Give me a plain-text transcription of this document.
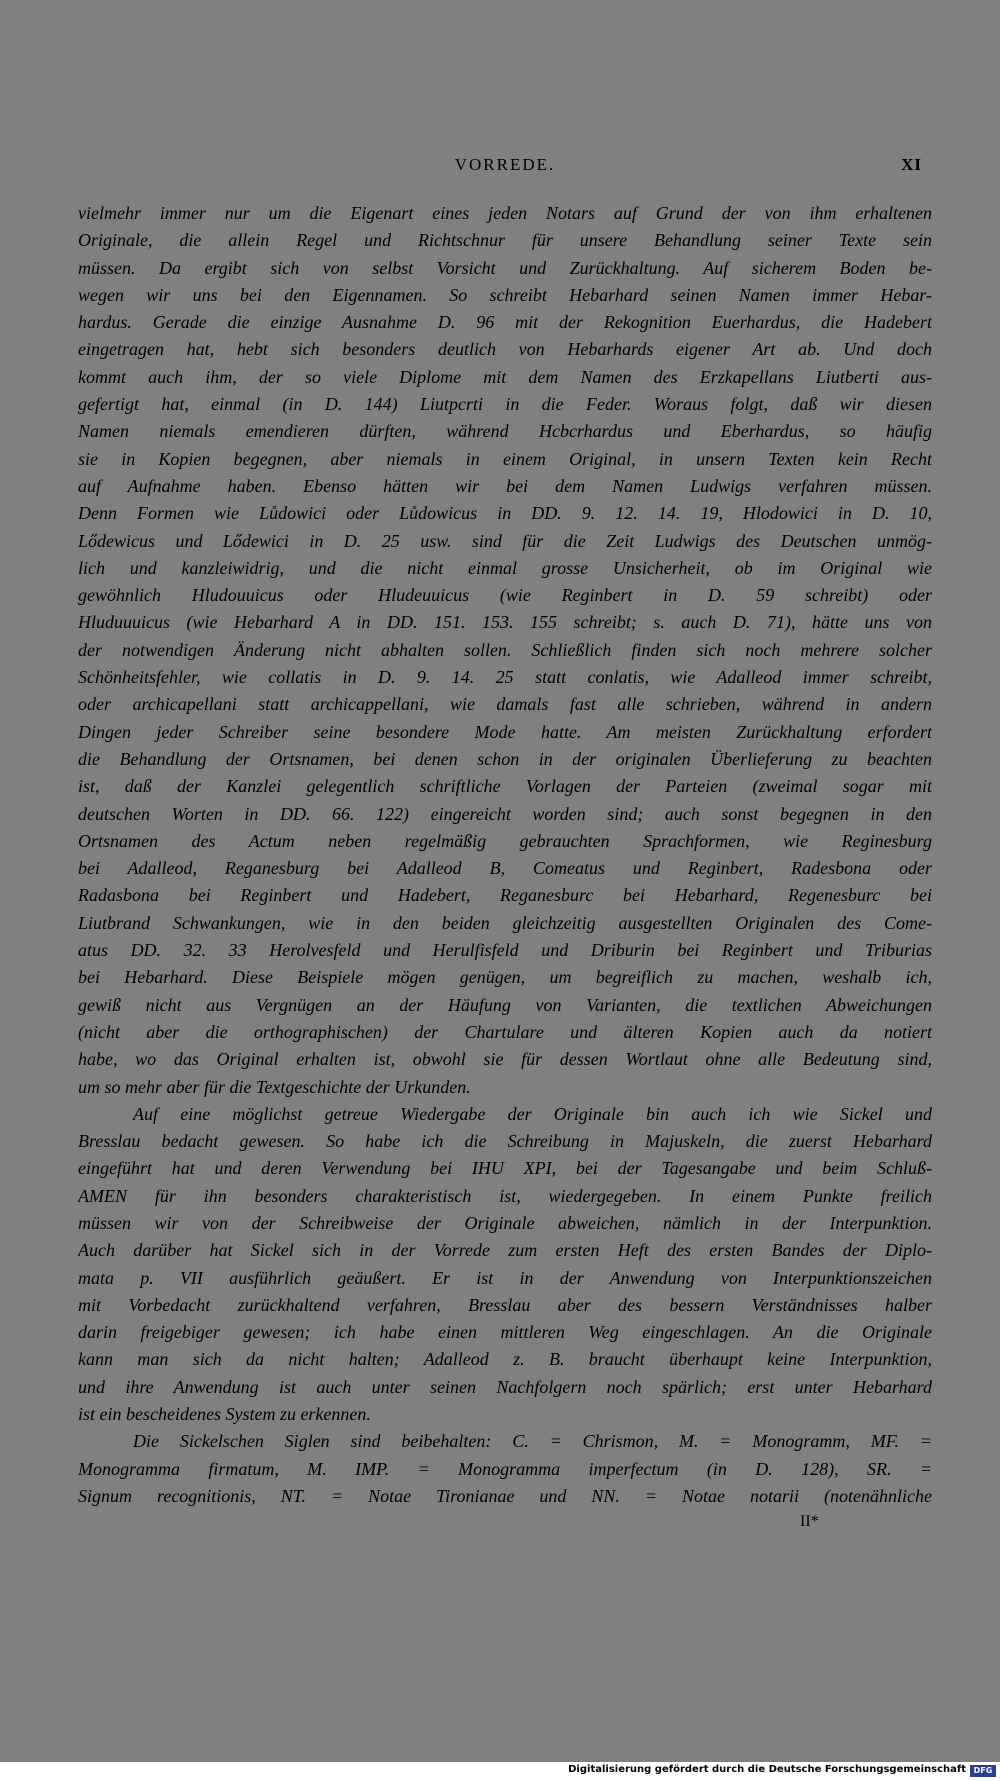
VORREDE.	XI
vielmehr immer nur um die Eigenart eines jeden Notars auf Grund der von ihm erhaltenen
Originale, die allein Regel und Richtschnur für unsere Behandlung seiner Texte sein
müssen. Da ergibt sich von selbst Vorsicht und Zurückhaltung. Auf sicherem Boden be-
wegen wir uns bei den Eigennamen. So schreibt Hebarhard seinen Namen immer Hebar-
hardus. Gerade die einzige Ausnahme D. 96 mit der Rekognition Euerhardus, die Hadebert
eingetragen hat, hebt sich besonders deutlich von Hebarhards eigener Art ab. Und doch
kommt auch ihm, der so viele Diplome mit dem Namen des Erzkapellans Liutberti aus-
gefertigt hat, einmal (in D. 144) Liutpcrti in die Feder. Woraus folgt, daß wir diesen
Namen niemals emendieren dürften, während Hcbcrhardus und Eberhardus, so häufig
sie in Kopien begegnen, aber niemals in einem Original, in unsern Texten kein Recht
auf Aufnahme haben. Ebenso hätten wir bei dem Namen Ludwigs verfahren müssen.
Denn Formen wie Lůdowici oder Lůdowicus in DD. 9. 12. 14. 19, Hlodowici in D. 10,
Lődewicus und Lődewici in D. 25 usw. sind für die Zeit Ludwigs des Deutschen unmög-
lich und kanzleiwidrig, und die nicht einmal grosse Unsicherheit, ob im Original wie
gewöhnlich Hludouuicus oder Hludeuuicus (wie Reginbert in D. 59 schreibt) oder
Hluduuuicus (wie Hebarhard A in DD. 151. 153. 155 schreibt; s. auch D. 71), hätte uns von
der notwendigen Änderung nicht abhalten sollen. Schließlich finden sich noch mehrere solcher
Schönheitsfehler, wie collatis in D. 9. 14. 25 statt conlatis, wie Adalleod immer schreibt,
oder archicapellani statt archicappellani, wie damals fast alle schrieben, während in andern
Dingen jeder Schreiber seine besondere Mode hatte. Am meisten Zurückhaltung erfordert
die Behandlung der Ortsnamen, bei denen schon in der originalen Überlieferung zu beachten
ist, daß der Kanzlei gelegentlich schriftliche Vorlagen der Parteien (zweimal sogar mit
deutschen Worten in DD. 66. 122) eingereicht worden sind; auch sonst begegnen in den
Ortsnamen des Actum neben regelmäßig gebrauchten Sprachformen, wie Reginesburg
bei Adalleod, Reganesburg bei Adalleod B, Comeatus und Reginbert, Radesbona oder
Radasbona bei Reginbert und Hadebert, Reganesburc bei Hebarhard, Regenesburc bei
Liutbrand Schwankungen, wie in den beiden gleichzeitig ausgestellten Originalen des Come-
atus DD. 32. 33 Herolvesfeld und Herulfisfeld und Driburin bei Reginbert und Triburias
bei Hebarhard. Diese Beispiele mögen genügen, um begreiflich zu machen, weshalb ich,
gewiß nicht aus Vergnügen an der Häufung von Varianten, die textlichen Abweichungen
(nicht aber die orthographischen) der Chartulare und älteren Kopien auch da notiert
habe, wo das Original erhalten ist, obwohl sie für dessen Wortlaut ohne alle Bedeutung sind,
um so mehr aber für die Textgeschichte der Urkunden.
Auf eine möglichst getreue Wiedergabe der Originale bin auch ich wie Sickel und
Bresslau bedacht gewesen. So habe ich die Schreibung in Majuskeln, die zuerst Hebarhard
eingeführt hat und deren Verwendung bei IHU XPI, bei der Tagesangabe und beim Schluß-
AMEN für ihn besonders charakteristisch ist, wiedergegeben. In einem Punkte freilich
müssen wir von der Schreibweise der Originale abweichen, nämlich in der Interpunktion.
Auch darüber hat Sickel sich in der Vorrede zum ersten Heft des ersten Bandes der Diplo-
mata p. VII ausführlich geäußert. Er ist in der Anwendung von Interpunktionszeichen
mit Vorbedacht zurückhaltend verfahren, Bresslau aber des bessern Verständnisses halber
darin freigebiger gewesen; ich habe einen mittleren Weg eingeschlagen. An die Originale
kann man sich da nicht halten; Adalleod z. B. braucht überhaupt keine Interpunktion,
und ihre Anwendung ist auch unter seinen Nachfolgern noch spärlich; erst unter Hebarhard
ist ein bescheidenes System zu erkennen.
Die Sickelschen Siglen sind beibehalten: C. = Chrismon, M. = Monogramm, MF. =
Monogramma firmatum, M. IMP. = Monogramma imperfectum (in D. 128), SR. =
Signum recognitionis, NT. = Notae Tironianae und NN. = Notae notarii (notenähnliche
II*
Digitalisierung gefördert durch die Deutsche Forschungsgemeinschaft DFG
